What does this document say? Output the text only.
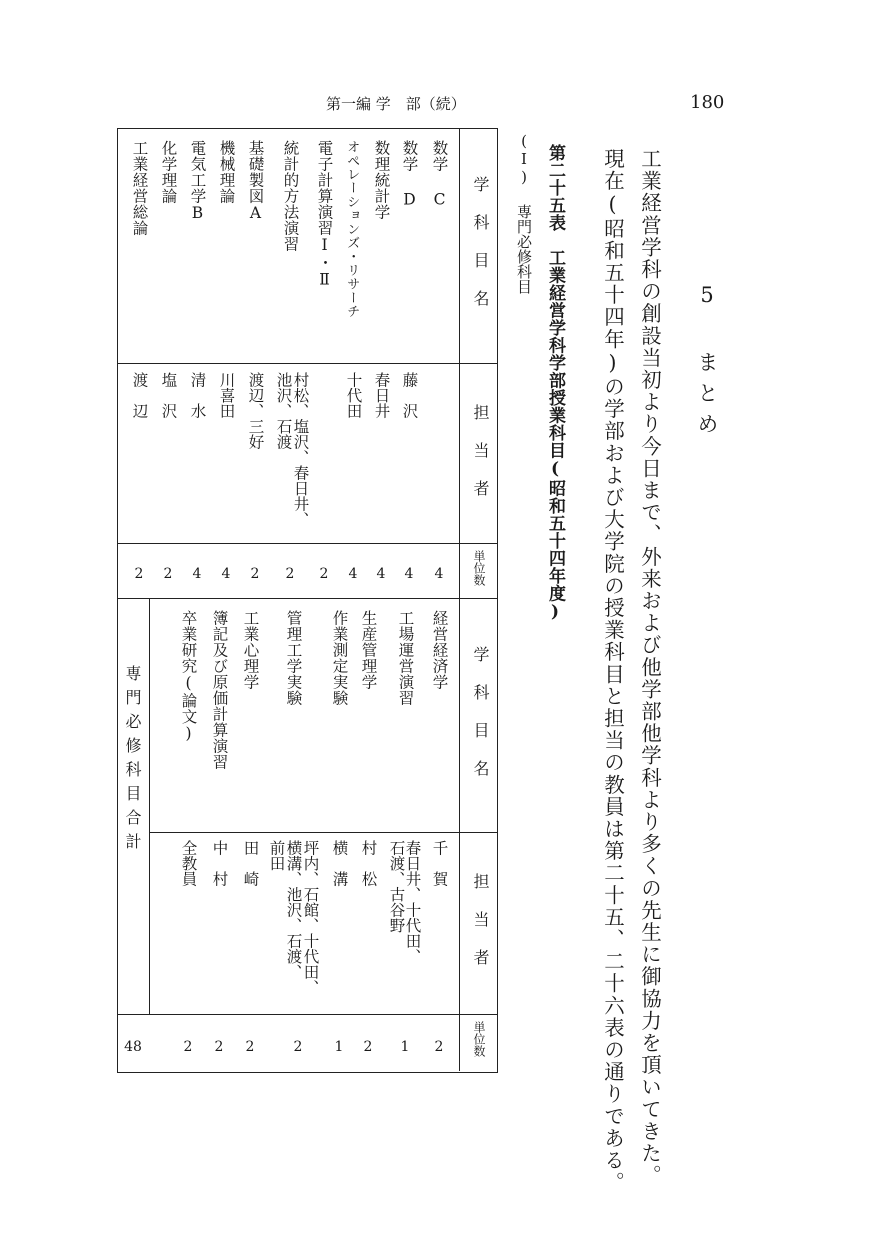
第一編 学　部（続）	180
5 まとめ
工業経営学科の創設当初より今日まで、外来および他学部他学科より多くの先生に御協力を頂いてきた。
現在(昭和五十四年)の学部および大学院の授業科目と担当の教員は第二十五、二十六表の通りである。
第二十五表　工業経営学科学部授業科目(昭和五十四年度)
(Ⅰ) 専門必修科目
学科目名
担当者
単位数
学科目名
担当者
単位数
数学 C
数学 D
数理統計学
オペレーションズ・リサーチ
電子計算演習Ⅰ・Ⅱ
統計的方法演習
基礎製図A
機械理論
電気工学B
化学理論
工業経営総論
藤　沢
春日井
十代田
村松、塩沢、春日井、
池沢、石渡
渡辺、三好
川喜田
清　水
塩　沢
渡　辺
4
4
4
4
2
2
2
4
4
2
2
経営経済学
工場運営演習
生産管理学
作業測定実験
管理工学実験
工業心理学
簿記及び原価計算演習
卒業研究(論文)
千　賀
春日井、十代田、
石渡、古谷野
村　松
横　溝
坪内、石館、十代田、
横溝、池沢、石渡、
前田
田　崎
中　村
全教員
2
1
2
1
2
2
2
2
専門必修科目合計
48
